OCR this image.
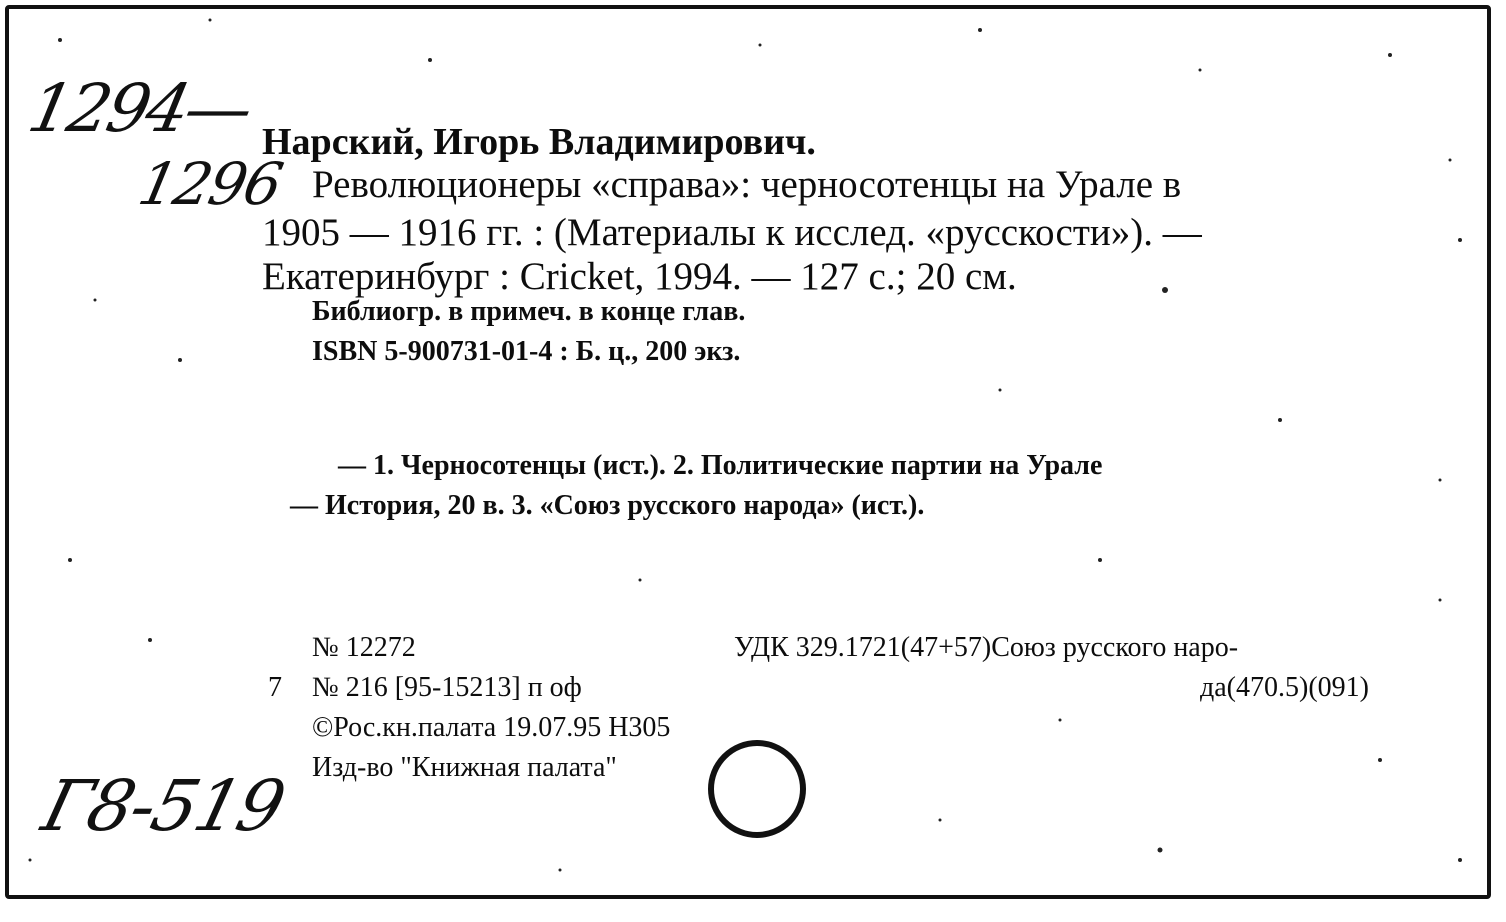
1294—
1296
Г8-519
Нарский, Игорь Владимирович.
Революционеры «справа»: черносотенцы на Урале в
1905 — 1916 гг. : (Материалы к исслед. «русскости»). —
Екатеринбург : Cricket, 1994. — 127 с.; 20 см.
Библиогр. в примеч. в конце глав.
ISBN 5-900731-01-4 : Б. ц., 200 экз.
— 1. Черносотенцы (ист.). 2. Политические партии на Урале
— История, 20 в. 3. «Союз русского народа» (ист.).
№ 12272
7 № 216 [95-15213] п оф
©Рос.кн.палата 19.07.95 Н305
Изд-во "Книжная палата"
УДК 329.1721(47+57)Союз русского наро-
да(470.5)(091)
